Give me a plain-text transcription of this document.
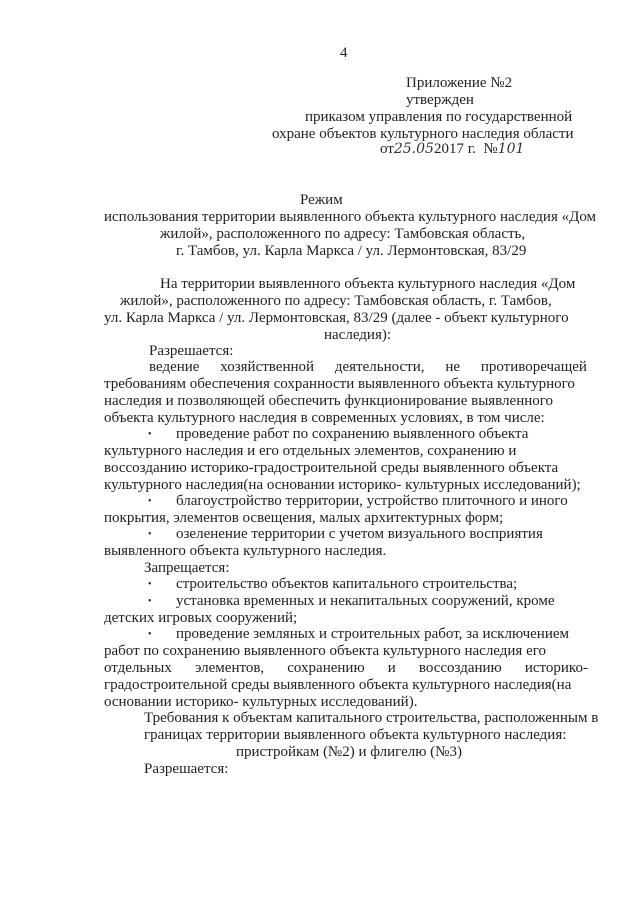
4
Приложение №2
утвержден
приказом управления по государственной
охране объектов культурного наследия области
от25.052017 г. №101
Режим
использования территории выявленного объекта культурного наследия «Дом
жилой», расположенного по адресу: Тамбовская область,
г. Тамбов, ул. Карла Маркса / ул. Лермонтовская, 83/29
На территории выявленного объекта культурного наследия «Дом
жилой», расположенного по адресу: Тамбовская область, г. Тамбов,
ул. Карла Маркса / ул. Лермонтовская, 83/29 (далее - объект культурного
наследия):
Разрешается:
ведение хозяйственной деятельности, не противоречащей
требованиям обеспечения сохранности выявленного объекта культурного
наследия и позволяющей обеспечить функционирование выявленного
объекта культурного наследия в современных условиях, в том числе:
• проведение работ по сохранению выявленного объекта
культурного наследия и его отдельных элементов, сохранению и
воссозданию историко-градостроительной среды выявленного объекта
культурного наследия(на основании историко- культурных исследований);
• благоустройство территории, устройство плиточного и иного
покрытия, элементов освещения, малых архитектурных форм;
• озеленение территории с учетом визуального восприятия
выявленного объекта культурного наследия.
Запрещается:
• строительство объектов капитального строительства;
• установка временных и некапитальных сооружений, кроме
детских игровых сооружений;
• проведение земляных и строительных работ, за исключением
работ по сохранению выявленного объекта культурного наследия его
отдельных элементов, сохранению и воссозданию историко-
градостроительной среды выявленного объекта культурного наследия(на
основании историко- культурных исследований).
Требования к объектам капитального строительства, расположенным в
границах территории выявленного объекта культурного наследия:
пристройкам (№2) и флигелю (№3)
Разрешается:
